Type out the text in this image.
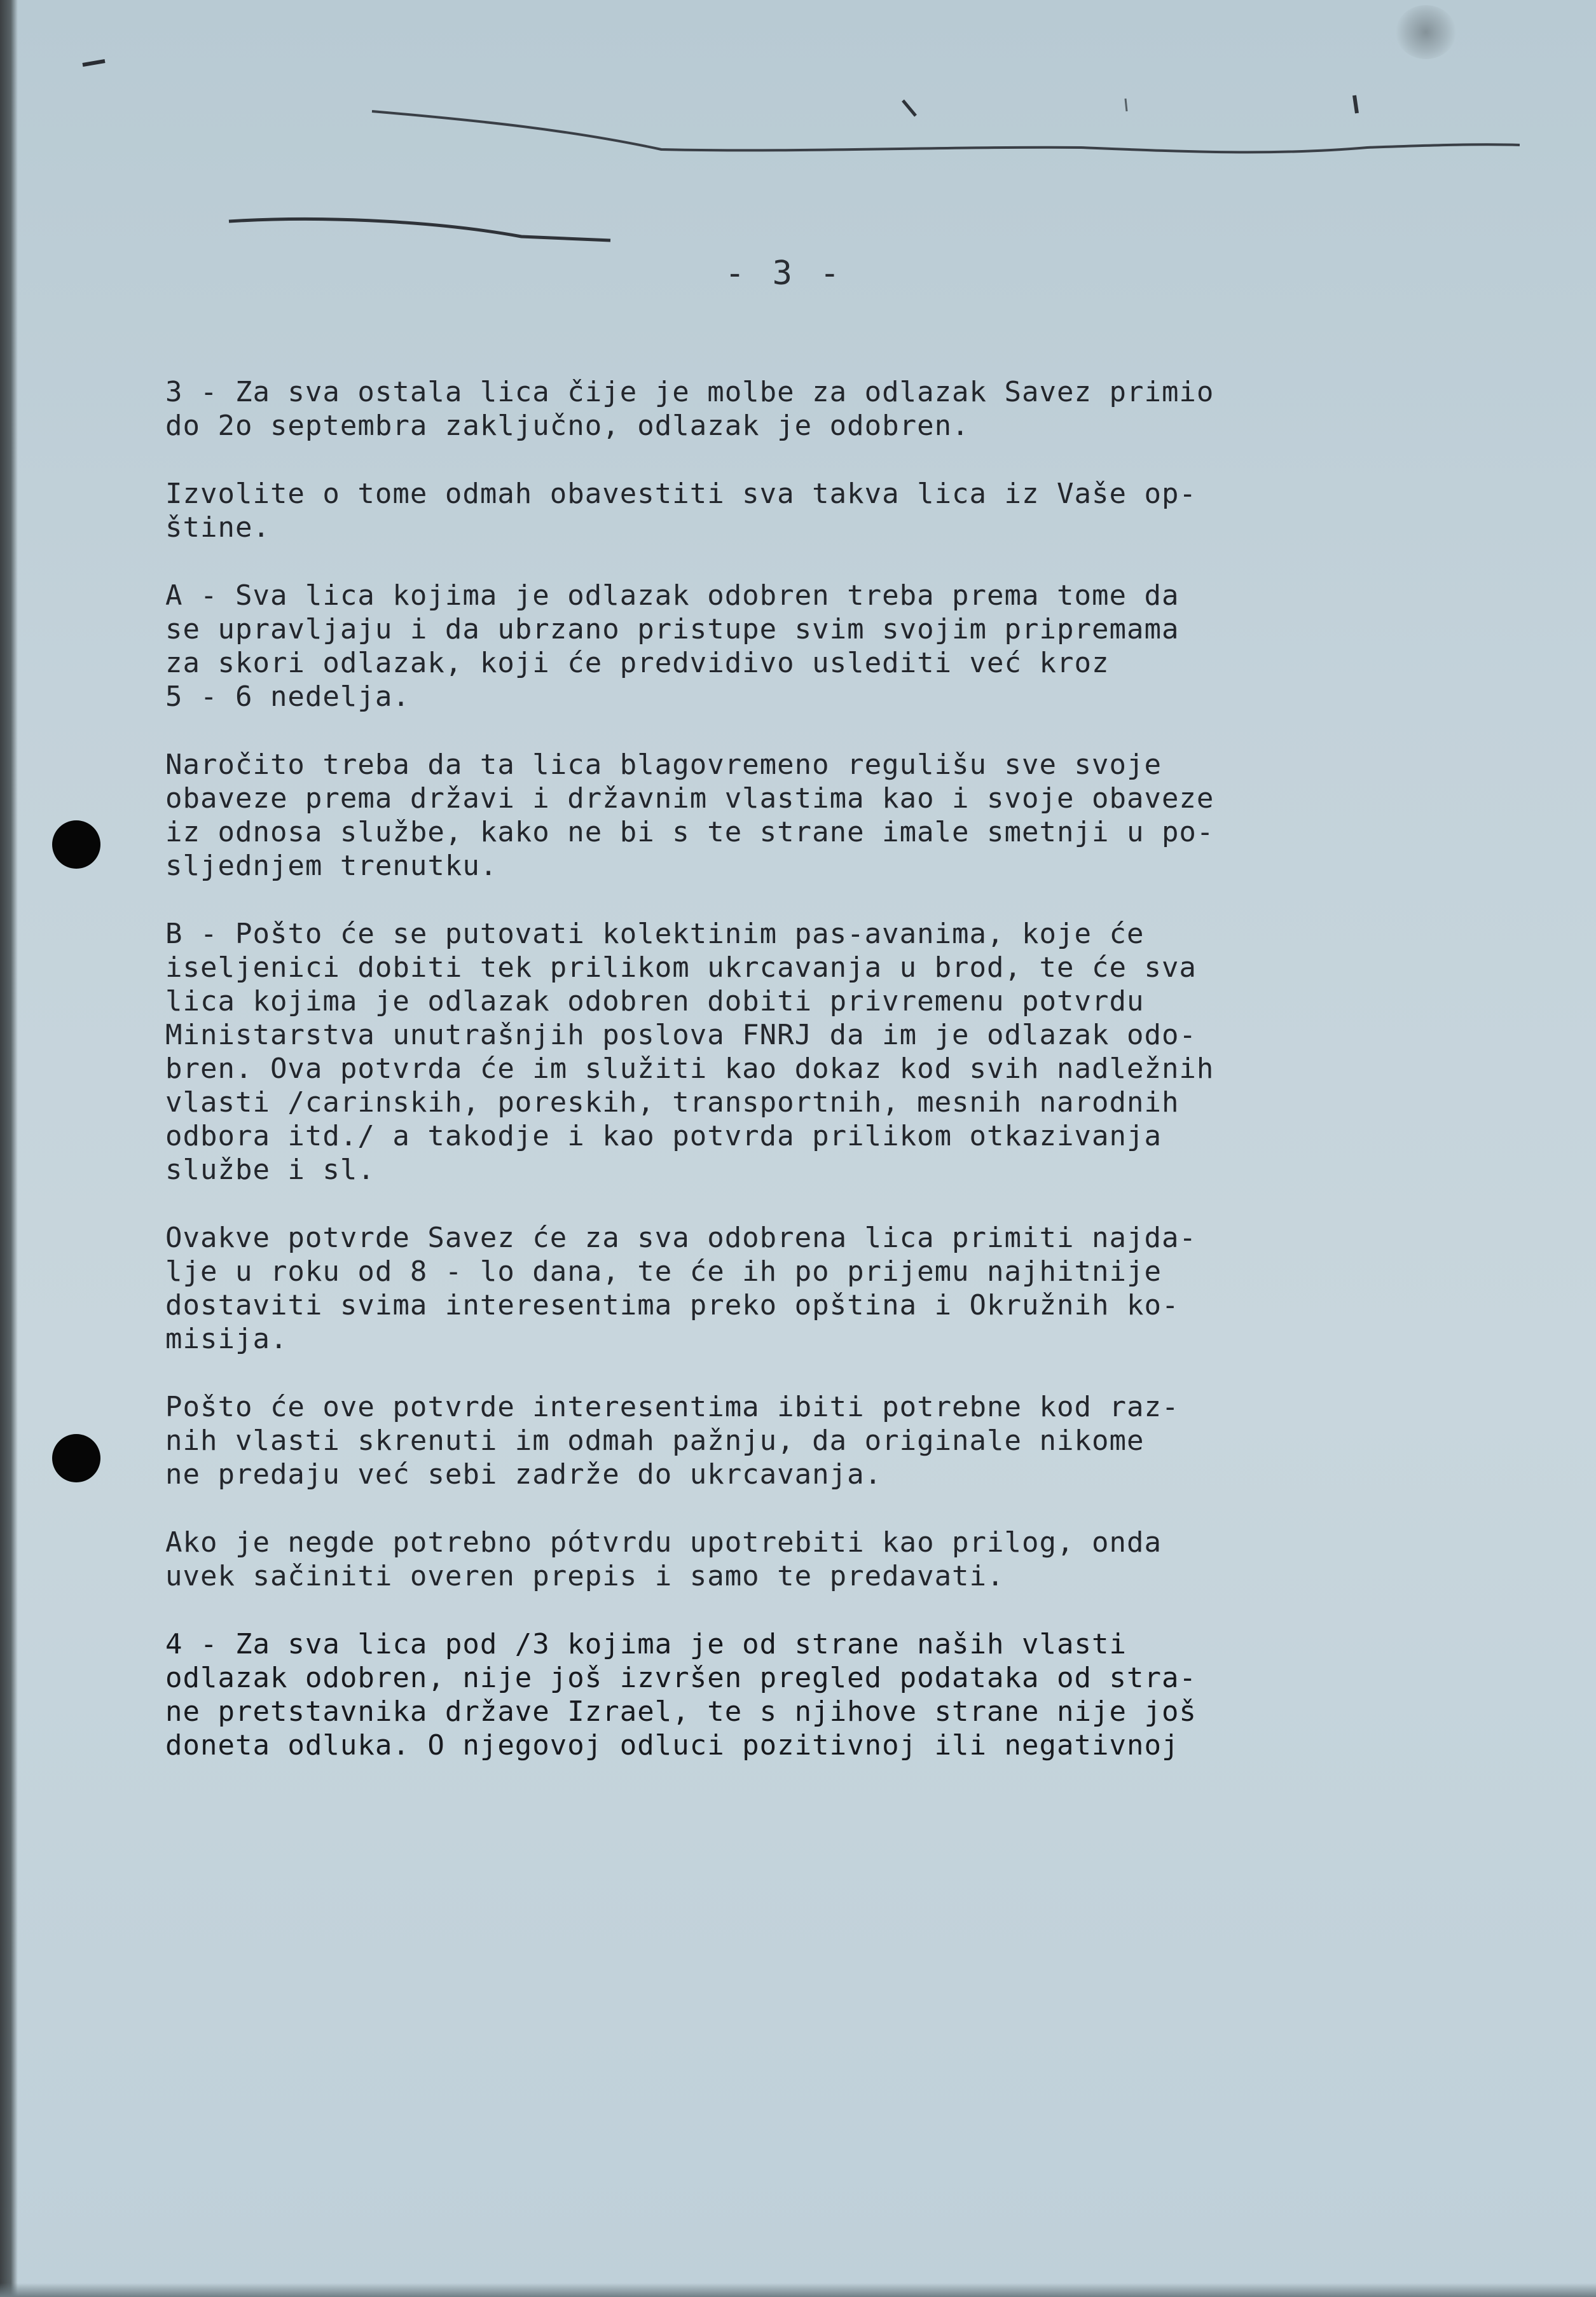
- 3 -
3 - Za sva ostala lica čije je molbe za odlazak Savez primio
do 2o septembra zaključno, odlazak je odobren.
Izvolite o tome odmah obavestiti sva takva lica iz Vaše op-
štine.
A - Sva lica kojima je odlazak odobren treba prema tome da
se upravljaju i da ubrzano pristupe svim svojim pripremama
za skori odlazak, koji će predvidivo uslediti već kroz
5 - 6 nedelja.
Naročito treba da ta lica blagovremeno regulišu sve svoje
obaveze prema državi i državnim vlastima kao i svoje obaveze
iz odnosa službe, kako ne bi s te strane imale smetnji u po-
sljednjem trenutku.
B - Pošto će se putovati kolektinim pas-avanima, koje će
iseljenici dobiti tek prilikom ukrcavanja u brod, te će sva
lica kojima je odlazak odobren dobiti privremenu potvrdu
Ministarstva unutrašnjih poslova FNRJ da im je odlazak odo-
bren. Ova potvrda će im služiti kao dokaz kod svih nadležnih
vlasti /carinskih, poreskih, transportnih, mesnih narodnih
odbora itd./ a takodje i kao potvrda prilikom otkazivanja
službe i sl.
Ovakve potvrde Savez će za sva odobrena lica primiti najda-
lje u roku od 8 - lo dana, te će ih po prijemu najhitnije
dostaviti svima interesentima preko opština i Okružnih ko-
misija.
Pošto će ove potvrde interesentima ibiti potrebne kod raz-
nih vlasti skrenuti im odmah pažnju, da originale nikome
ne predaju već sebi zadrže do ukrcavanja.
Ako je negde potrebno pótvrdu upotrebiti kao prilog, onda
uvek sačiniti overen prepis i samo te predavati.
4 - Za sva lica pod /3 kojima je od strane naših vlasti
odlazak odobren, nije još izvršen pregled podataka od stra-
ne pretstavnika države Izrael, te s njihove strane nije još
doneta odluka. O njegovoj odluci pozitivnoj ili negativnoj
